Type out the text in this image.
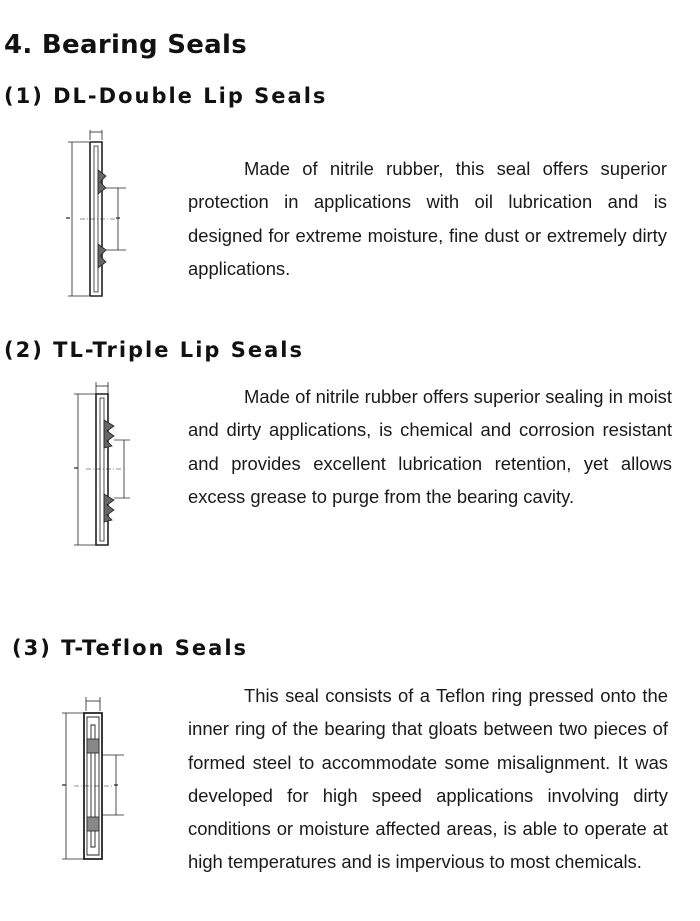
4. Bearing Seals
(1) DL-Double Lip Seals
Made of nitrile rubber, this seal offers superior protection in applications with oil lubrication and is designed for extreme moisture, fine dust or extremely dirty applications.
(2) TL-Triple Lip Seals
Made of nitrile rubber offers superior sealing in moist and dirty applications, is chemical and corrosion resistant and provides excellent lubrication retention, yet allows excess grease to purge from the bearing cavity.
(3) T-Teflon Seals
This seal consists of a Teflon ring pressed onto the inner ring of the bearing that gloats between two pieces of formed steel to accommodate some misalignment. It was developed for high speed applications involving dirty conditions or moisture affected areas, is able to operate at high temperatures and is impervious to most chemicals.
